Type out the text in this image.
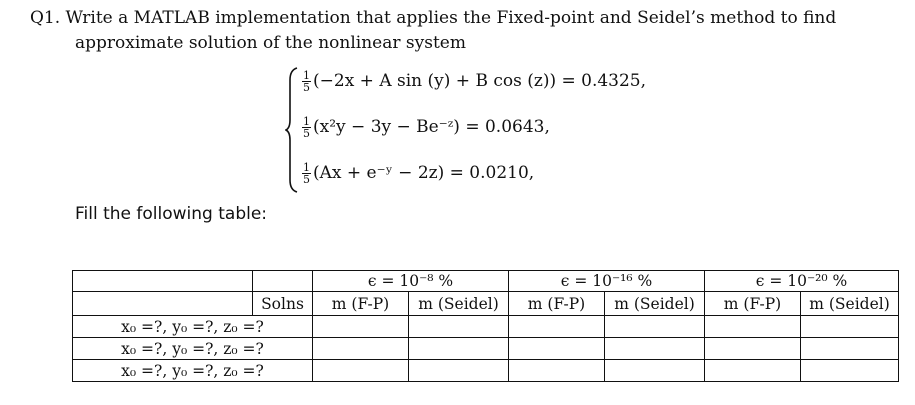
Q1. Write a MATLAB implementation that applies the Fixed-point and Seidel’s method to find
approximate solution of the nonlinear system
$\frac{1}{5} (-2x + A$ sin (y) + B cos (z)) = 0.4325,
$\frac{1}{5} (x^2y - 3y$ − Be⁻ᶻ) = 0.0643,
$\frac{1}{5} (Ax$ + e⁻ʸ − 2z) = 0.0210,
Fill the following table:
		ϵ = 10⁻⁸ %		ϵ = 10⁻¹⁶ %		ϵ = 10⁻²⁰ %	
	Solns	m (F-P)	m (Seidel)	m (F-P)	m (Seidel)	m (F-P)	m (Seidel)
x₀ =?, y₀ =?, z₀ =?							
x₀ =?, y₀ =?, z₀ =?							
x₀ =?, y₀ =?, z₀ =?							
